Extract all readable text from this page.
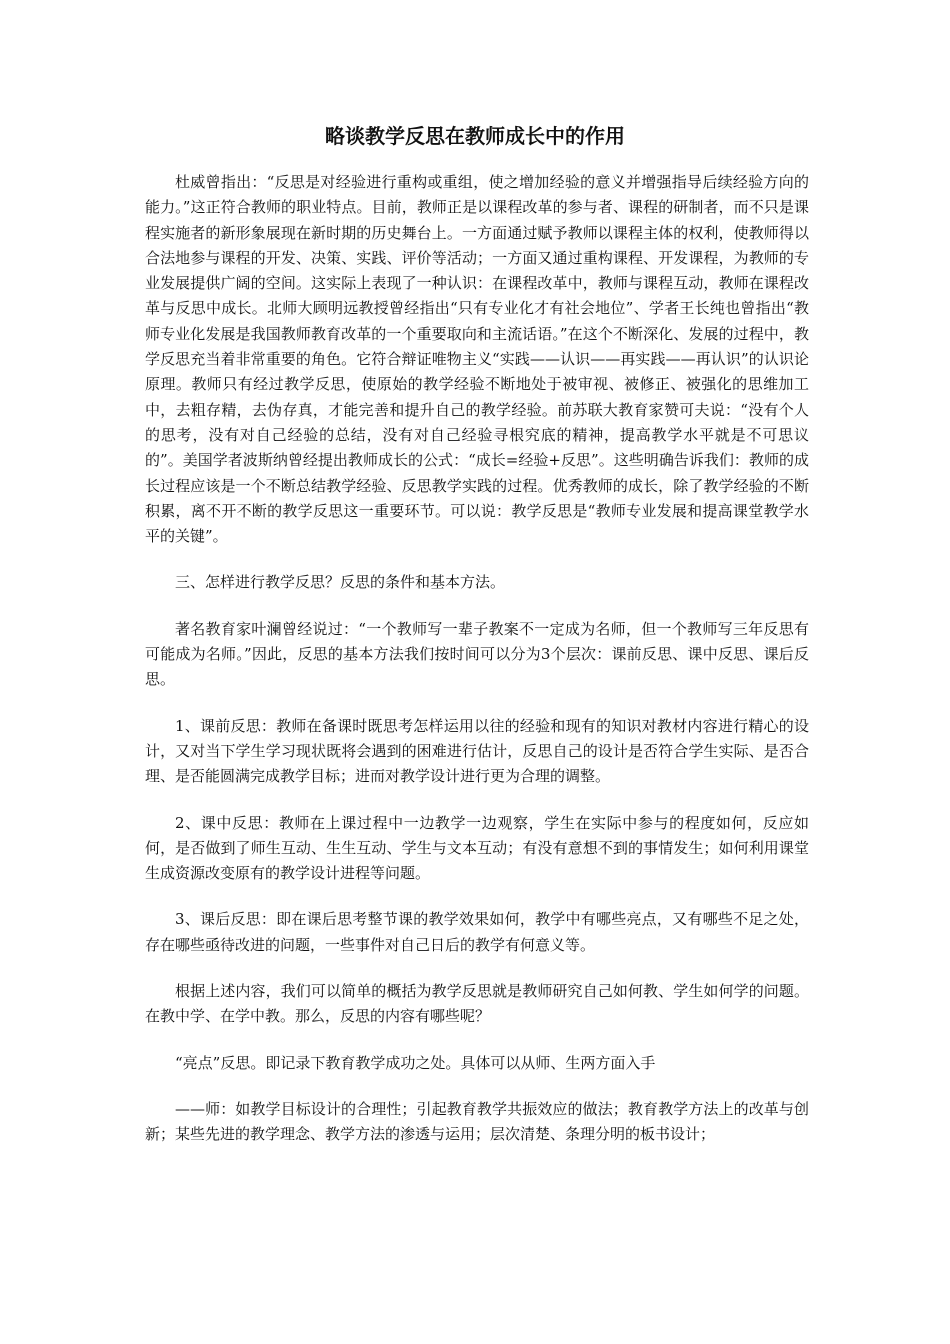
略谈教学反思在教师成长中的作用

杜威曾指出：“反思是对经验进行重构或重组，使之增加经验的意义并增强指导后续经验方向的能力。”这正符合教师的职业特点。目前，教师正是以课程改革的参与者、课程的研制者，而不只是课程实施者的新形象展现在新时期的历史舞台上。一方面通过赋予教师以课程主体的权利，使教师得以合法地参与课程的开发、决策、实践、评价等活动；一方面又通过重构课程、开发课程，为教师的专业发展提供广阔的空间。这实际上表现了一种认识：在课程改革中，教师与课程互动，教师在课程改革与反思中成长。北师大顾明远教授曾经指出“只有专业化才有社会地位”、学者王长纯也曾指出“教师专业化发展是我国教师教育改革的一个重要取向和主流话语。”在这个不断深化、发展的过程中，教学反思充当着非常重要的角色。它符合辩证唯物主义“实践——认识——再实践——再认识”的认识论原理。教师只有经过教学反思，使原始的教学经验不断地处于被审视、被修正、被强化的思维加工中，去粗存精，去伪存真，才能完善和提升自己的教学经验。前苏联大教育家赞可夫说：“没有个人的思考，没有对自己经验的总结，没有对自己经验寻根究底的精神，提高教学水平就是不可思议的”。美国学者波斯纳曾经提出教师成长的公式：“成长=经验+反思”。这些明确告诉我们：教师的成长过程应该是一个不断总结教学经验、反思教学实践的过程。优秀教师的成长，除了教学经验的不断积累，离不开不断的教学反思这一重要环节。可以说：教学反思是“教师专业发展和提高课堂教学水平的关键”。

三、怎样进行教学反思？反思的条件和基本方法。

著名教育家叶澜曾经说过：“一个教师写一辈子教案不一定成为名师，但一个教师写三年反思有可能成为名师。”因此，反思的基本方法我们按时间可以分为3个层次：课前反思、课中反思、课后反思。

1、课前反思：教师在备课时既思考怎样运用以往的经验和现有的知识对教材内容进行精心的设计，又对当下学生学习现状既将会遇到的困难进行估计，反思自己的设计是否符合学生实际、是否合理、是否能圆满完成教学目标；进而对教学设计进行更为合理的调整。

2、课中反思：教师在上课过程中一边教学一边观察，学生在实际中参与的程度如何，反应如何，是否做到了师生互动、生生互动、学生与文本互动；有没有意想不到的事情发生；如何利用课堂生成资源改变原有的教学设计进程等问题。

3、课后反思：即在课后思考整节课的教学效果如何，教学中有哪些亮点，又有哪些不足之处，存在哪些亟待改进的问题，一些事件对自己日后的教学有何意义等。

根据上述内容，我们可以简单的概括为教学反思就是教师研究自己如何教、学生如何学的问题。在教中学、在学中教。那么，反思的内容有哪些呢？

“亮点”反思。即记录下教育教学成功之处。具体可以从师、生两方面入手

——师：如教学目标设计的合理性；引起教育教学共振效应的做法；教育教学方法上的改革与创新；某些先进的教学理念、教学方法的渗透与运用；层次清楚、条理分明的板书设计；
